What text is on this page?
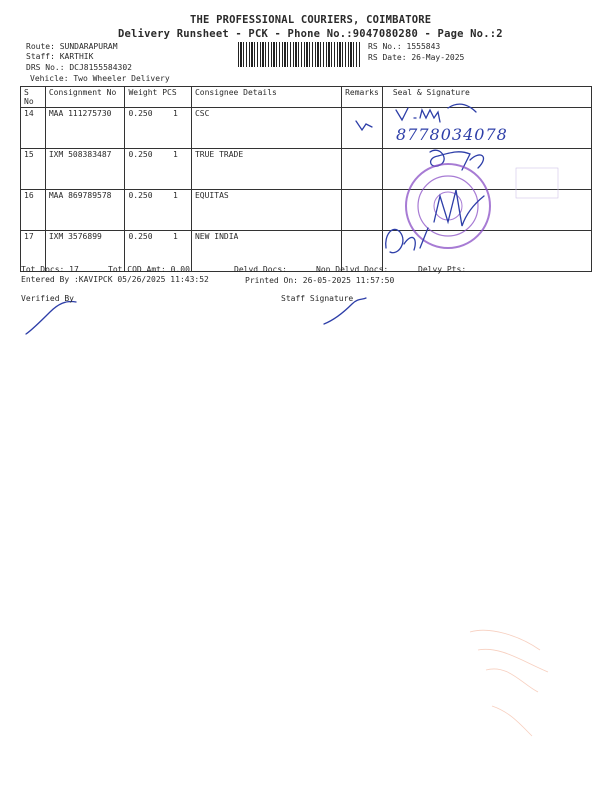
THE PROFESSIONAL COURIERS, COIMBATORE
Delivery Runsheet - PCK - Phone No.:9047080280 - Page No.:2
Route: SUNDARAPURAM
Staff: KARTHIK
DRS No.: DCJ8155584302
Vehicle: Two Wheeler Delivery
RS No.: 1555843
RS Date: 26-May-2025
S No	Consignment No	Weight PCS		Consignee Details	Remarks	Seal & Signature
14	MAA 111275730	0.250	1	CSC		
15	IXM 508383487	0.250	1	TRUE TRADE		
16	MAA 869789578	0.250	1	EQUITAS		
17	IXM 3576899	0.250	1	NEW INDIA		
8778034078
Tot Docs: 17	Tot COD Amt: 0.00	Delvd Docs:	Non Delvd Docs:	Delvy Pts:
Entered By :KAVIPCK 05/26/2025 11:43:52	Printed On: 26-05-2025 11:57:50
Verified By	Staff Signature
